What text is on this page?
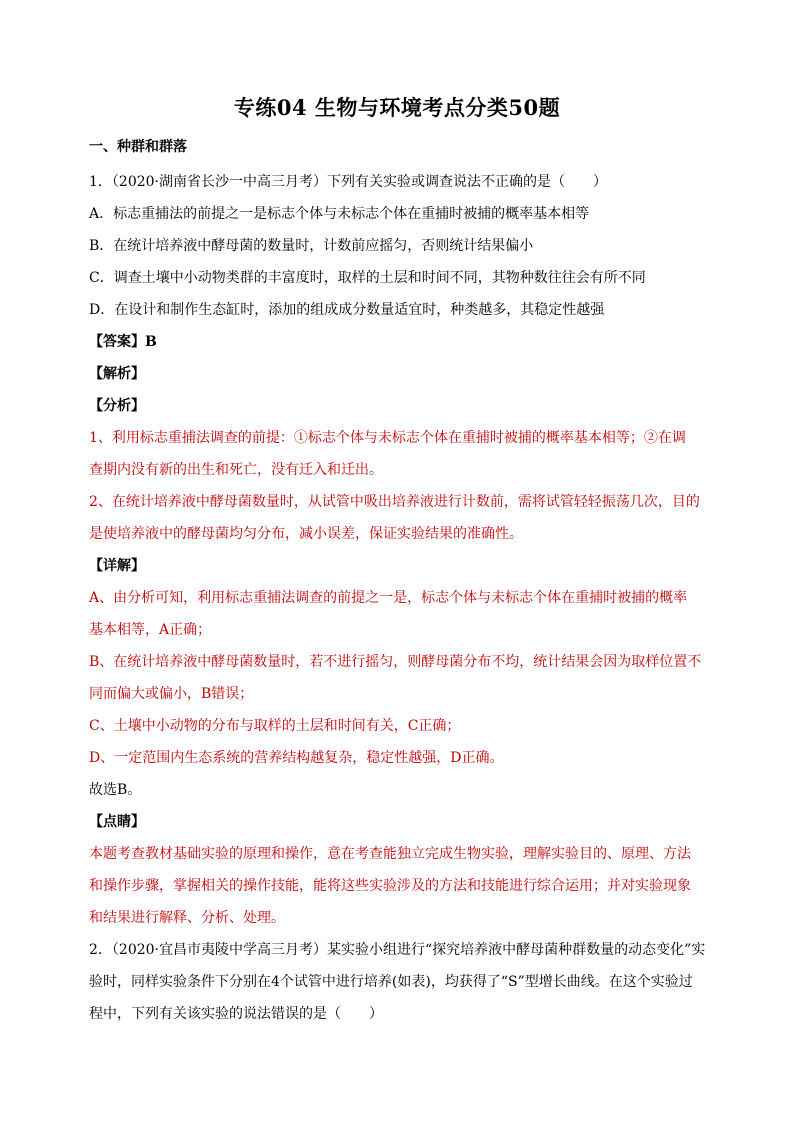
专练04 生物与环境考点分类50题
一、种群和群落
1．（2020·湖南省长沙一中高三月考）下列有关实验或调查说法不正确的是（　　）
A．标志重捕法的前提之一是标志个体与未标志个体在重捕时被捕的概率基本相等
B．在统计培养液中酵母菌的数量时，计数前应摇匀，否则统计结果偏小
C．调查土壤中小动物类群的丰富度时，取样的土层和时间不同，其物种数往往会有所不同
D．在设计和制作生态缸时，添加的组成成分数量适宜时，种类越多，其稳定性越强
【答案】B
【解析】
【分析】
1、利用标志重捕法调查的前提：①标志个体与未标志个体在重捕时被捕的概率基本相等；②在调
查期内没有新的出生和死亡，没有迁入和迁出。
2、在统计培养液中酵母菌数量时，从试管中吸出培养液进行计数前，需将试管轻轻振荡几次，目的
是使培养液中的酵母菌均匀分布，减小误差，保证实验结果的准确性。
【详解】
A、由分析可知，利用标志重捕法调查的前提之一是，标志个体与未标志个体在重捕时被捕的概率
基本相等，A正确；
B、在统计培养液中酵母菌数量时，若不进行摇匀，则酵母菌分布不均，统计结果会因为取样位置不
同而偏大或偏小，B错误；
C、土壤中小动物的分布与取样的土层和时间有关，C正确；
D、一定范围内生态系统的营养结构越复杂，稳定性越强，D正确。
故选B。
【点睛】
本题考查教材基础实验的原理和操作，意在考查能独立完成生物实验，理解实验目的、原理、方法
和操作步骤，掌握相关的操作技能，能将这些实验涉及的方法和技能进行综合运用；并对实验现象
和结果进行解释、分析、处理。
2．（2020·宜昌市夷陵中学高三月考）某实验小组进行“探究培养液中酵母菌种群数量的动态变化”实
验时，同样实验条件下分别在4个试管中进行培养(如表)，均获得了“S”型增长曲线。在这个实验过
程中，下列有关该实验的说法错误的是（　　）
